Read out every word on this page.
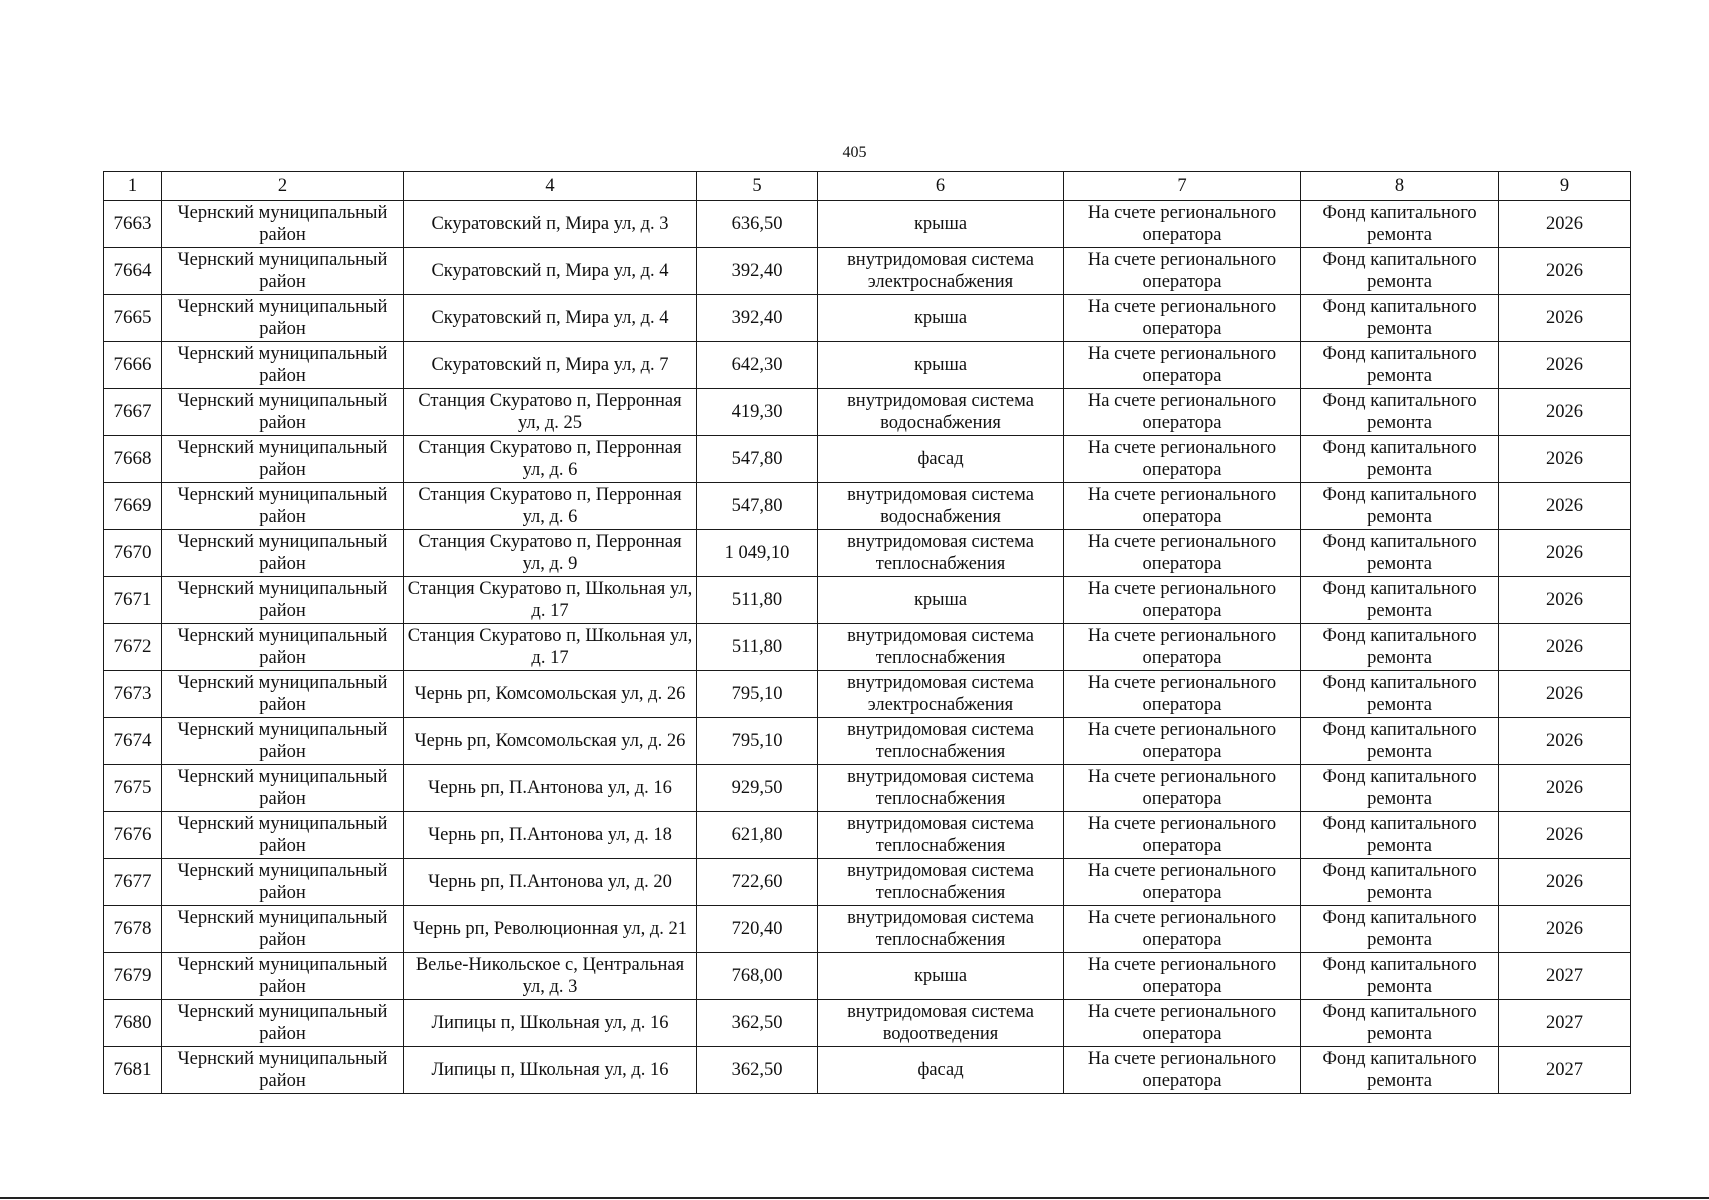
405
1	2	4	5	6	7	8	9
7663	Чернский муниципальный район	Скуратовский п, Мира ул, д. 3	636,50	крыша	На счете регионального оператора	Фонд капитального ремонта	2026
7664	Чернский муниципальный район	Скуратовский п, Мира ул, д. 4	392,40	внутридомовая система электроснабжения	На счете регионального оператора	Фонд капитального ремонта	2026
7665	Чернский муниципальный район	Скуратовский п, Мира ул, д. 4	392,40	крыша	На счете регионального оператора	Фонд капитального ремонта	2026
7666	Чернский муниципальный район	Скуратовский п, Мира ул, д. 7	642,30	крыша	На счете регионального оператора	Фонд капитального ремонта	2026
7667	Чернский муниципальный район	Станция Скуратово п, Перронная ул, д. 25	419,30	внутридомовая система водоснабжения	На счете регионального оператора	Фонд капитального ремонта	2026
7668	Чернский муниципальный район	Станция Скуратово п, Перронная ул, д. 6	547,80	фасад	На счете регионального оператора	Фонд капитального ремонта	2026
7669	Чернский муниципальный район	Станция Скуратово п, Перронная ул, д. 6	547,80	внутридомовая система водоснабжения	На счете регионального оператора	Фонд капитального ремонта	2026
7670	Чернский муниципальный район	Станция Скуратово п, Перронная ул, д. 9	1 049,10	внутридомовая система теплоснабжения	На счете регионального оператора	Фонд капитального ремонта	2026
7671	Чернский муниципальный район	Станция Скуратово п, Школьная ул, д. 17	511,80	крыша	На счете регионального оператора	Фонд капитального ремонта	2026
7672	Чернский муниципальный район	Станция Скуратово п, Школьная ул, д. 17	511,80	внутридомовая система теплоснабжения	На счете регионального оператора	Фонд капитального ремонта	2026
7673	Чернский муниципальный район	Чернь рп, Комсомольская ул, д. 26	795,10	внутридомовая система электроснабжения	На счете регионального оператора	Фонд капитального ремонта	2026
7674	Чернский муниципальный район	Чернь рп, Комсомольская ул, д. 26	795,10	внутридомовая система теплоснабжения	На счете регионального оператора	Фонд капитального ремонта	2026
7675	Чернский муниципальный район	Чернь рп, П.Антонова ул, д. 16	929,50	внутридомовая система теплоснабжения	На счете регионального оператора	Фонд капитального ремонта	2026
7676	Чернский муниципальный район	Чернь рп, П.Антонова ул, д. 18	621,80	внутридомовая система теплоснабжения	На счете регионального оператора	Фонд капитального ремонта	2026
7677	Чернский муниципальный район	Чернь рп, П.Антонова ул, д. 20	722,60	внутридомовая система теплоснабжения	На счете регионального оператора	Фонд капитального ремонта	2026
7678	Чернский муниципальный район	Чернь рп, Революционная ул, д. 21	720,40	внутридомовая система теплоснабжения	На счете регионального оператора	Фонд капитального ремонта	2026
7679	Чернский муниципальный район	Велье-Никольское с, Центральная ул, д. 3	768,00	крыша	На счете регионального оператора	Фонд капитального ремонта	2027
7680	Чернский муниципальный район	Липицы п, Школьная ул, д. 16	362,50	внутридомовая система водоотведения	На счете регионального оператора	Фонд капитального ремонта	2027
7681	Чернский муниципальный район	Липицы п, Школьная ул, д. 16	362,50	фасад	На счете регионального оператора	Фонд капитального ремонта	2027
